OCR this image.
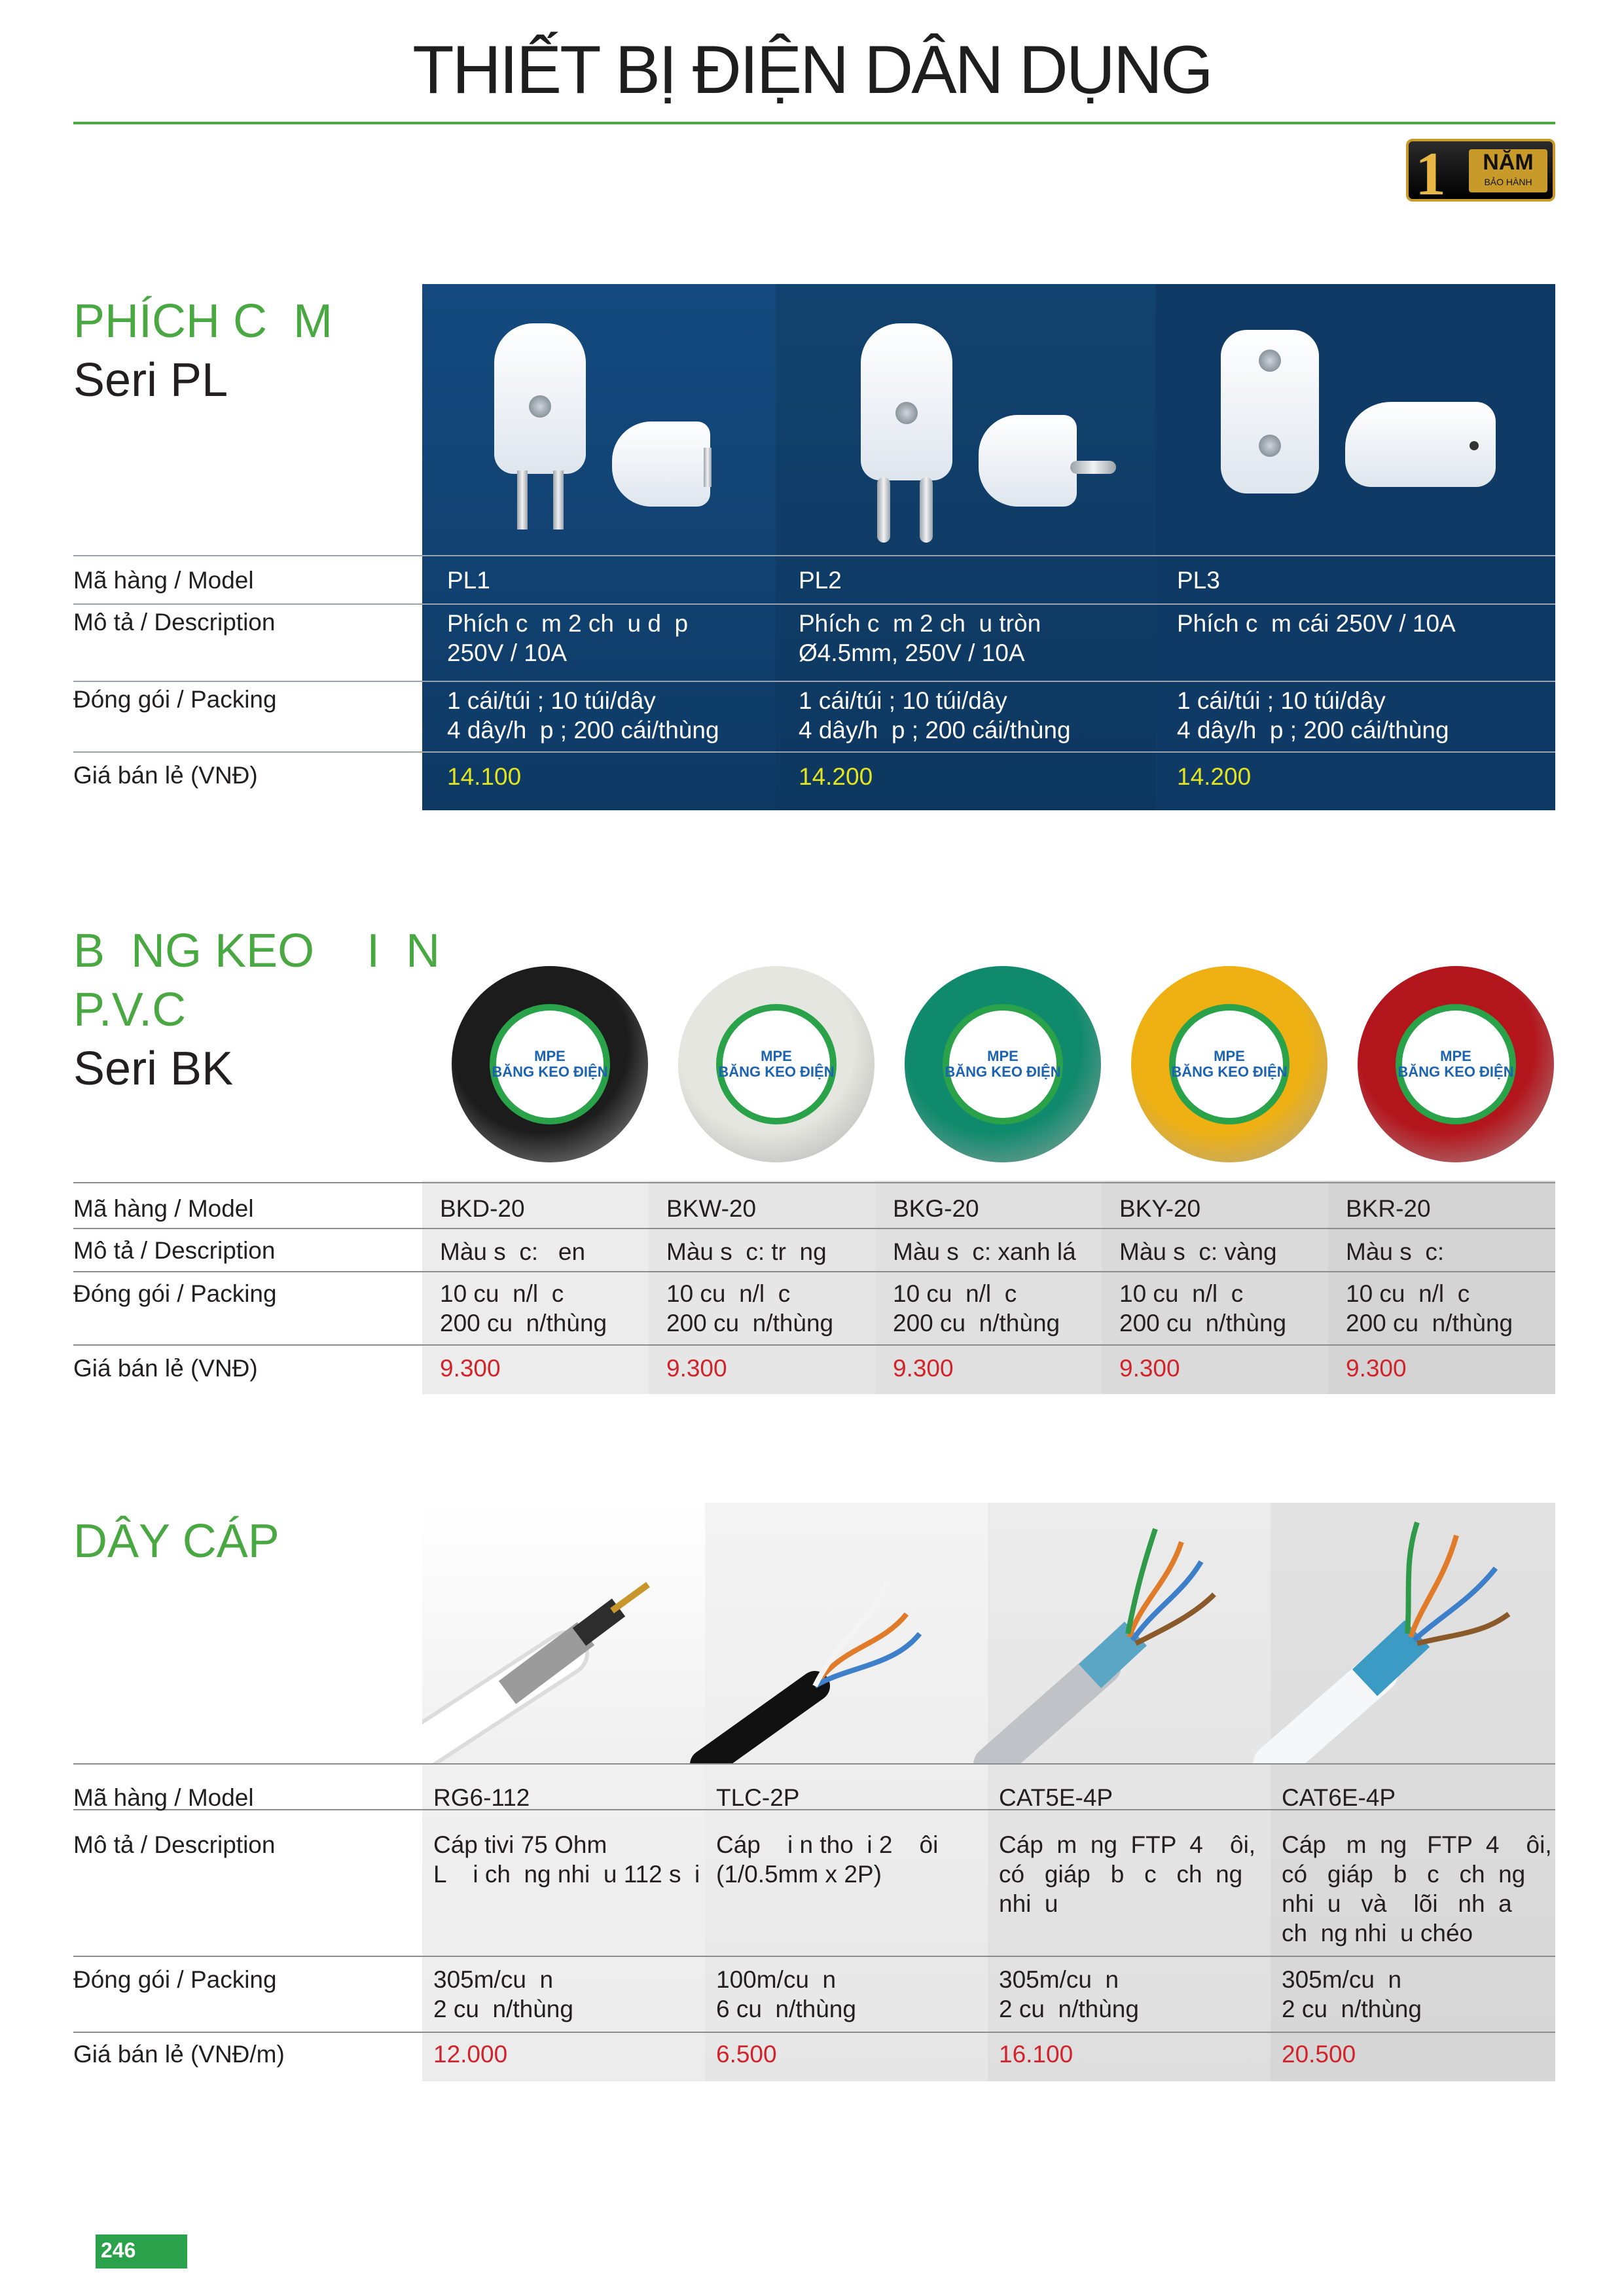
THIẾT BỊ ĐIỆN DÂN DỤNG
1	NĂM
BẢO HÀNH
PHÍCH C  M
Seri PL
Mã hàng / Model
Mô tả / Description
Đóng gói / Packing
Giá bán lẻ (VNĐ)
PL1
Phích c  m 2 ch  u d  p
250V / 10A
1 cái/túi ; 10 túi/dây
4 dây/h  p ; 200 cái/thùng
14.100
PL2
Phích c  m 2 ch  u tròn
Ø4.5mm, 250V / 10A
1 cái/túi ; 10 túi/dây
4 dây/h  p ; 200 cái/thùng
14.200
PL3
Phích c  m cái 250V / 10A
1 cái/túi ; 10 túi/dây
4 dây/h  p ; 200 cái/thùng
14.200
B  NG KEO    I  N
P.V.C
Seri BK	MPE
BĂNG KEO ĐIỆN
MPE
BĂNG KEO ĐIỆN
MPE
BĂNG KEO ĐIỆN
MPE
BĂNG KEO ĐIỆN
MPE
BĂNG KEO ĐIỆN
Mã hàng / Model
Mô tả / Description
Đóng gói / Packing
Giá bán lẻ (VNĐ)
BKD-20
Màu s  c:   en
10 cu  n/l  c
200 cu  n/thùng
9.300
BKW-20
Màu s  c: tr  ng
10 cu  n/l  c
200 cu  n/thùng
9.300
BKG-20
Màu s  c: xanh lá
10 cu  n/l  c
200 cu  n/thùng
9.300
BKY-20
Màu s  c: vàng
10 cu  n/l  c
200 cu  n/thùng
9.300
BKR-20
Màu s  c:
10 cu  n/l  c
200 cu  n/thùng
9.300
DÂY CÁP
Mã hàng / Model
Mô tả / Description
Đóng gói / Packing
Giá bán lẻ (VNĐ/m)
RG6-112
Cáp tivi 75 Ohm
L    i ch  ng nhi  u 112 s  i
305m/cu  n
2 cu  n/thùng
12.000
TLC-2P
Cáp    i n tho  i 2    ôi
(1/0.5mm x 2P)
100m/cu  n
6 cu  n/thùng
6.500
CAT5E-4P
Cáp  m  ng  FTP  4    ôi,
có   giáp   b   c   ch  ng
nhi  u
305m/cu  n
2 cu  n/thùng
16.100
CAT6E-4P
Cáp   m  ng   FTP  4    ôi,
có   giáp   b   c   ch  ng
nhi  u   và    lõi   nh  a
ch  ng nhi  u chéo
305m/cu  n
2 cu  n/thùng
20.500
246
